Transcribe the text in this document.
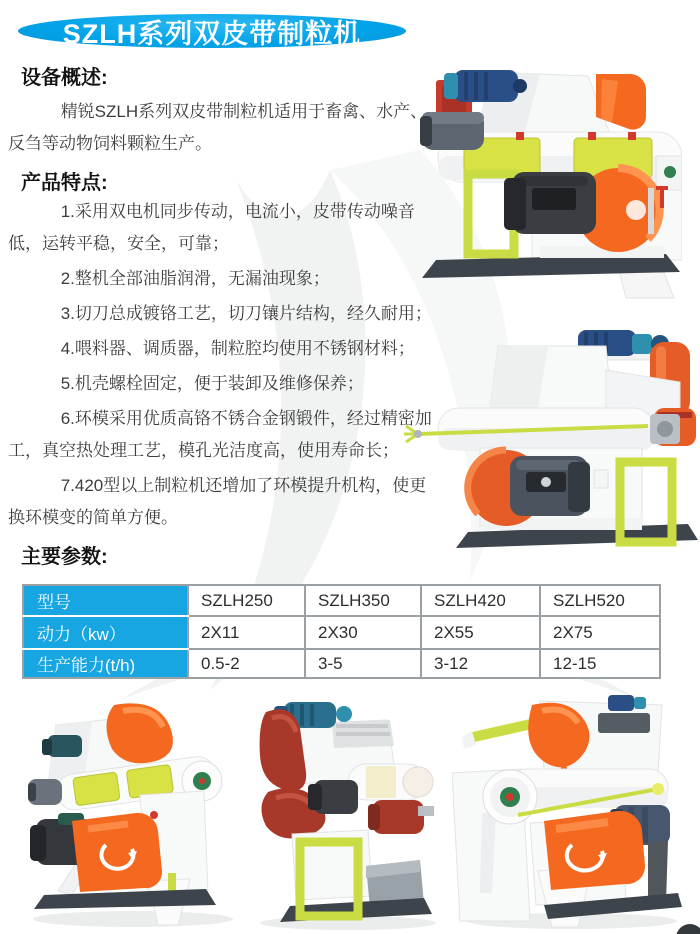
SZLH系列双皮带制粒机
设备概述:

精锐SZLH系列双皮带制粒机适用于畜禽、水产、反刍等动物饲料颗粒生产。

产品特点:

1.采用双电机同步传动，电流小，皮带传动噪音低，运转平稳，安全，可靠；

2.整机全部油脂润滑，无漏油现象；

3.切刀总成镀铬工艺，切刀镶片结构，经久耐用；

4.喂料器、调质器，制粒腔均使用不锈钢材料；

5.机壳螺栓固定，便于装卸及维修保养；

6.环模采用优质高铬不锈合金钢锻件，经过精密加工，真空热处理工艺，模孔光洁度高，使用寿命长；

7.420型以上制粒机还增加了环模提升机构，使更换环模变的简单方便。

主要参数:
型号	SZLH250	SZLH350	SZLH420	SZLH520
动力（kw）	2X11	2X30	2X55	2X75
生产能力(t/h)	0.5-2	3-5	3-12	12-15
